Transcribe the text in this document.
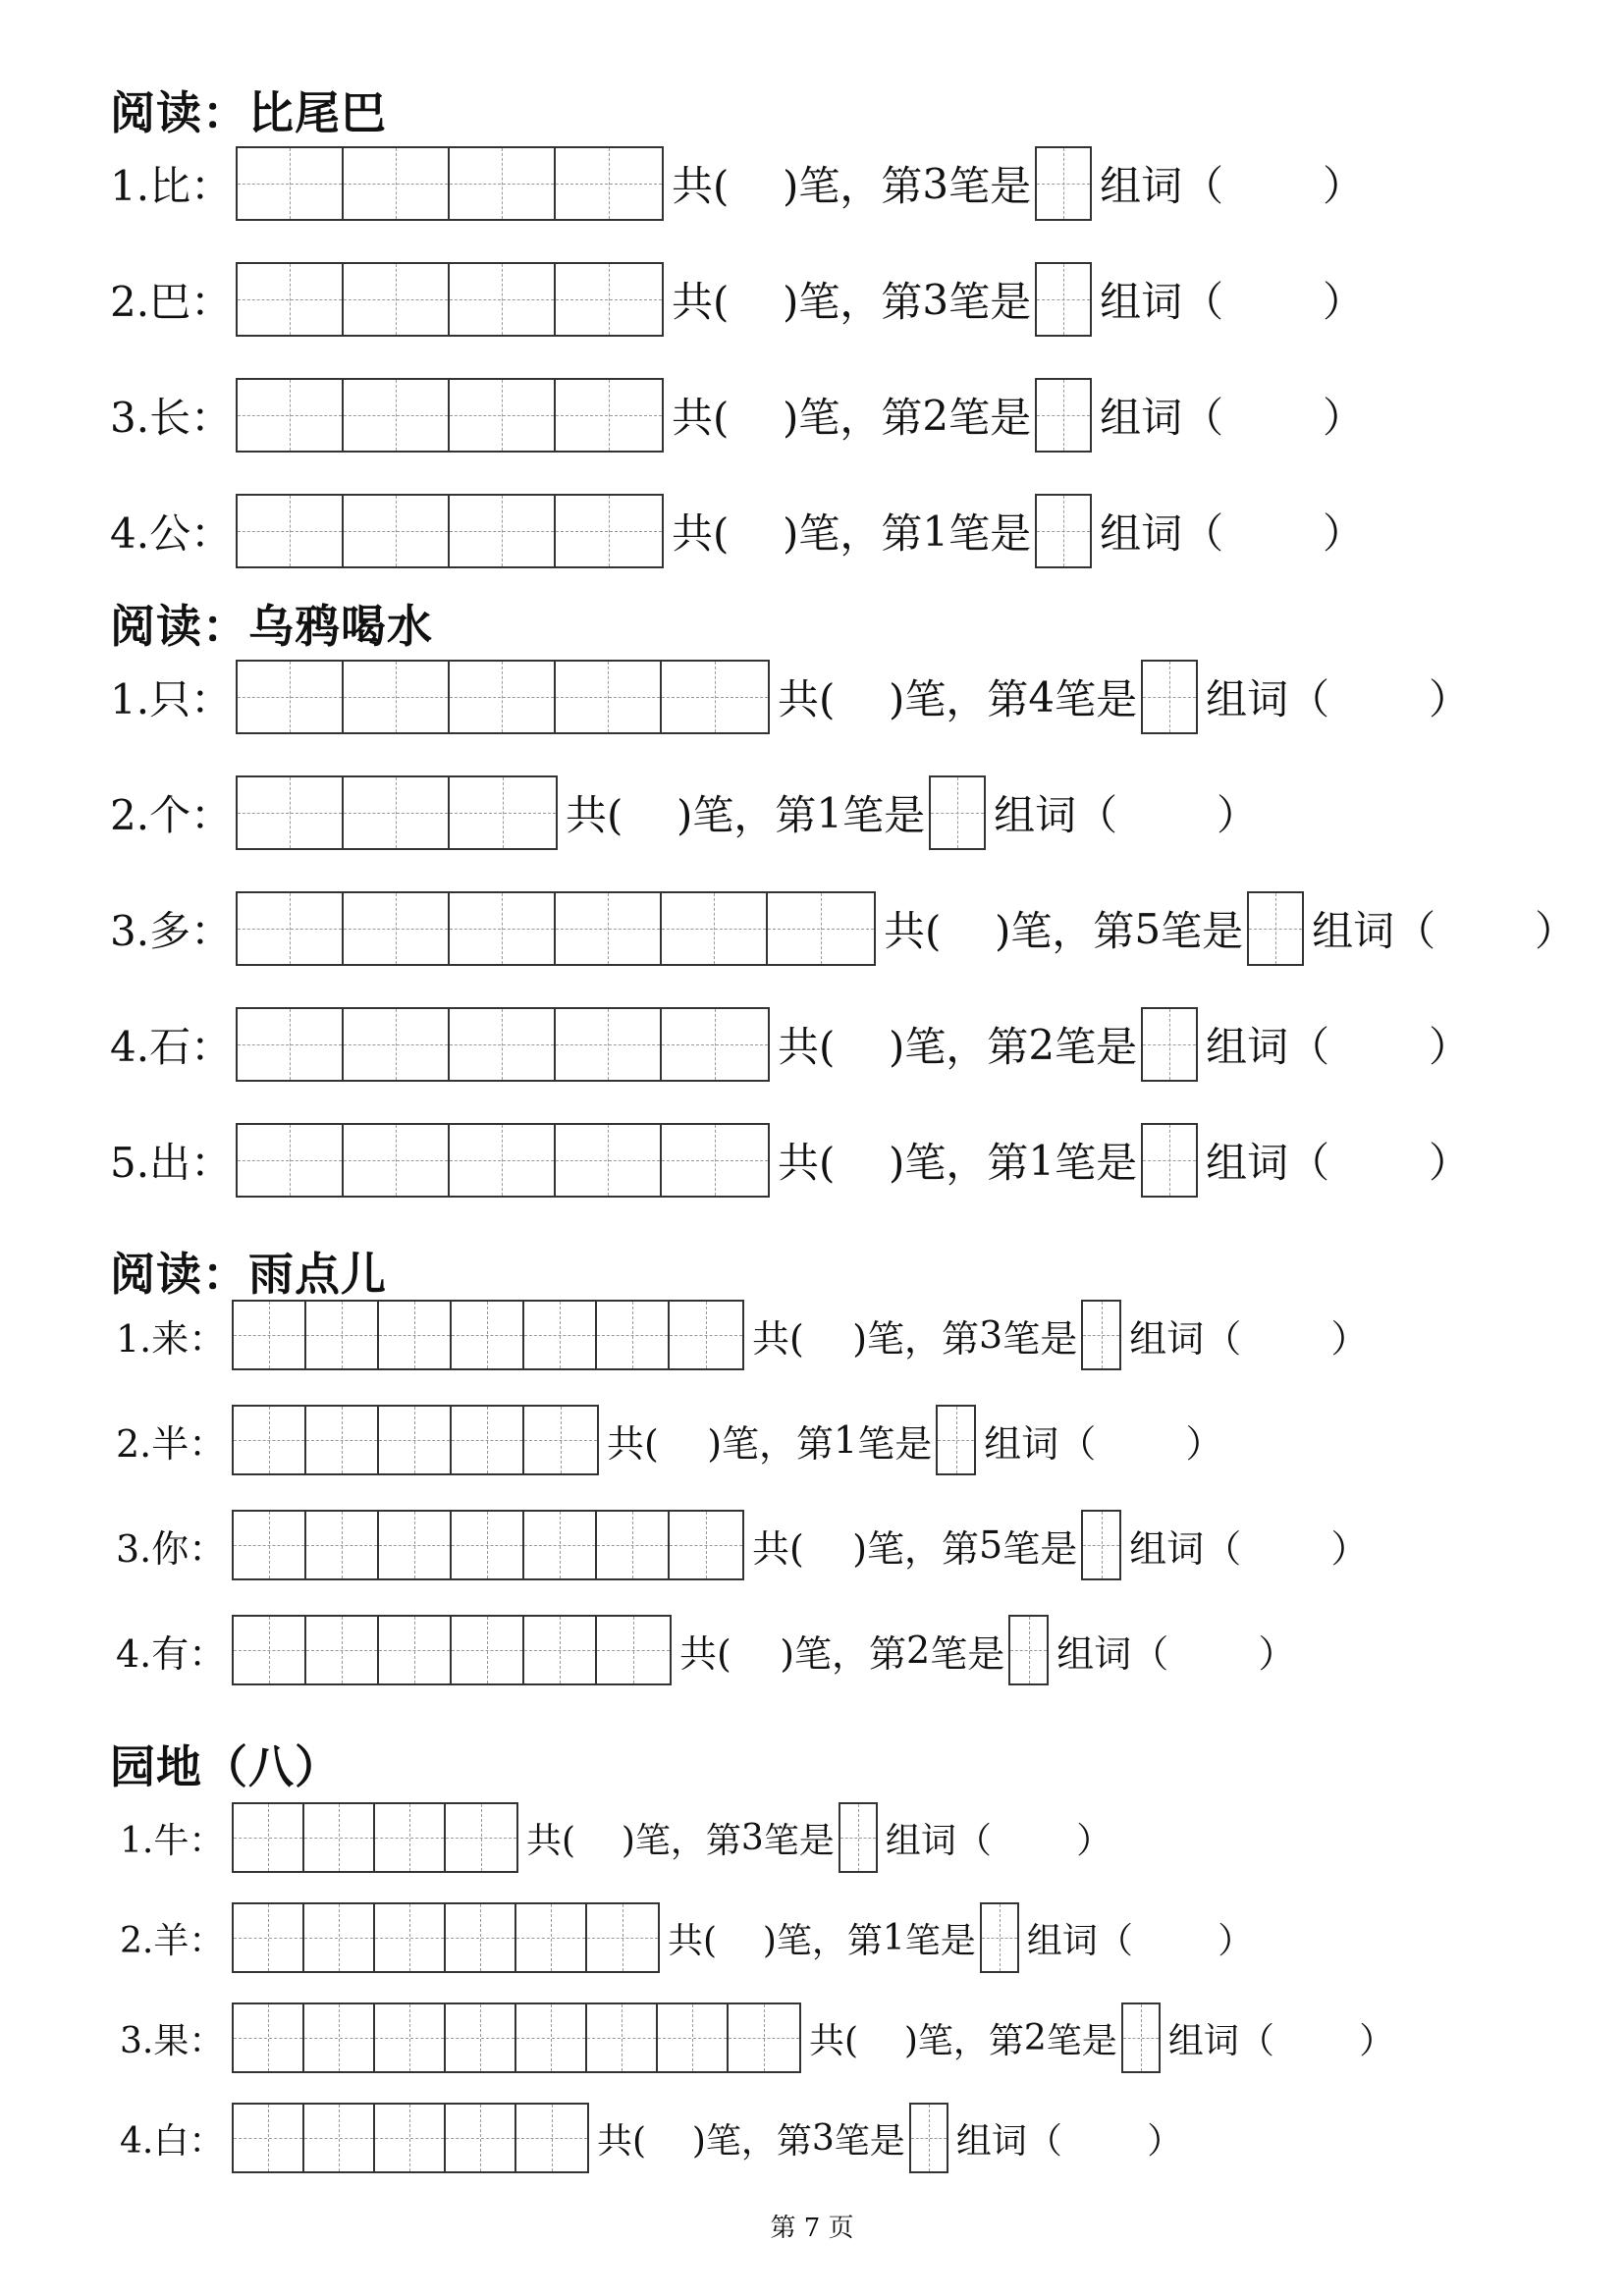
阅读：比尾巴
1.比：	共( )笔，第 3 笔是 组词（ ）
2.巴：	共( )笔，第 3 笔是 组词（ ）
3.长：	共( )笔，第 2 笔是 组词（ ）
4.公：	共( )笔，第 1 笔是 组词（ ）
阅读：乌鸦喝水
1.只：	共( )笔，第 4 笔是 组词（ ）
2.个：	共( )笔，第 1 笔是 组词（ ）
3.多：	共( )笔，第 5 笔是 组词（ ）
4.石：	共( )笔，第 2 笔是 组词（ ）
5.出：	共( )笔，第 1 笔是 组词（ ）
阅读：雨点儿
1.来：	共( )笔，第 3 笔是 组词（ ）
2.半：	共( )笔，第 1 笔是 组词（ ）
3.你：	共( )笔，第 5 笔是 组词（ ）
4.有：	共( )笔，第 2 笔是 组词（ ）
园地（八）
1.牛：	共( )笔，第 3 笔是 组词（ ）
2.羊：	共( )笔，第 1 笔是 组词（ ）
3.果：	共( )笔，第 2 笔是 组词（ ）
4.白：	共( )笔，第 3 笔是 组词（ ）
第 7 页
